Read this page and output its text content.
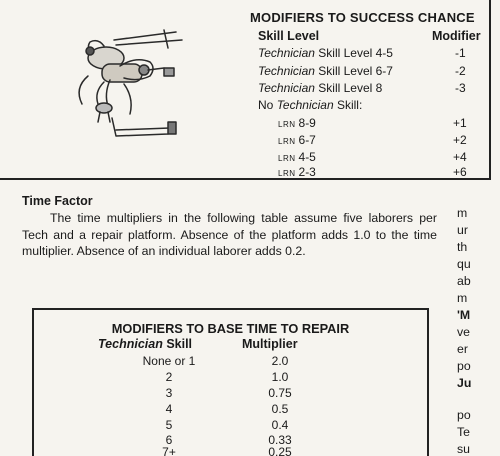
MODIFIERS TO SUCCESS CHANCE
Skill Level	Modifier
Technician Skill Level 4-5	-1
Technician Skill Level 6-7	-2
Technician Skill Level 8	-3
No Technician Skill:
LRN 8-9	+1
LRN 6-7	+2
LRN 4-5	+4
LRN 2-3	+6
Time Factor

The time multipliers in the following table assume five laborers per Tech and a repair platform. Absence of the platform adds 1.0 to the time multiplier. Absence of an individual laborer adds 0.2.

MODIFIERS TO BASE TIME TO REPAIR
Technician Skill	Multiplier
None or 1	2.0
2	1.0
3	0.75
4	0.5
5	0.4
6	0.33
7+	0.25
m
ur
th
qu
ab
m
'M
ve
er
po
Ju
po
Te
su
